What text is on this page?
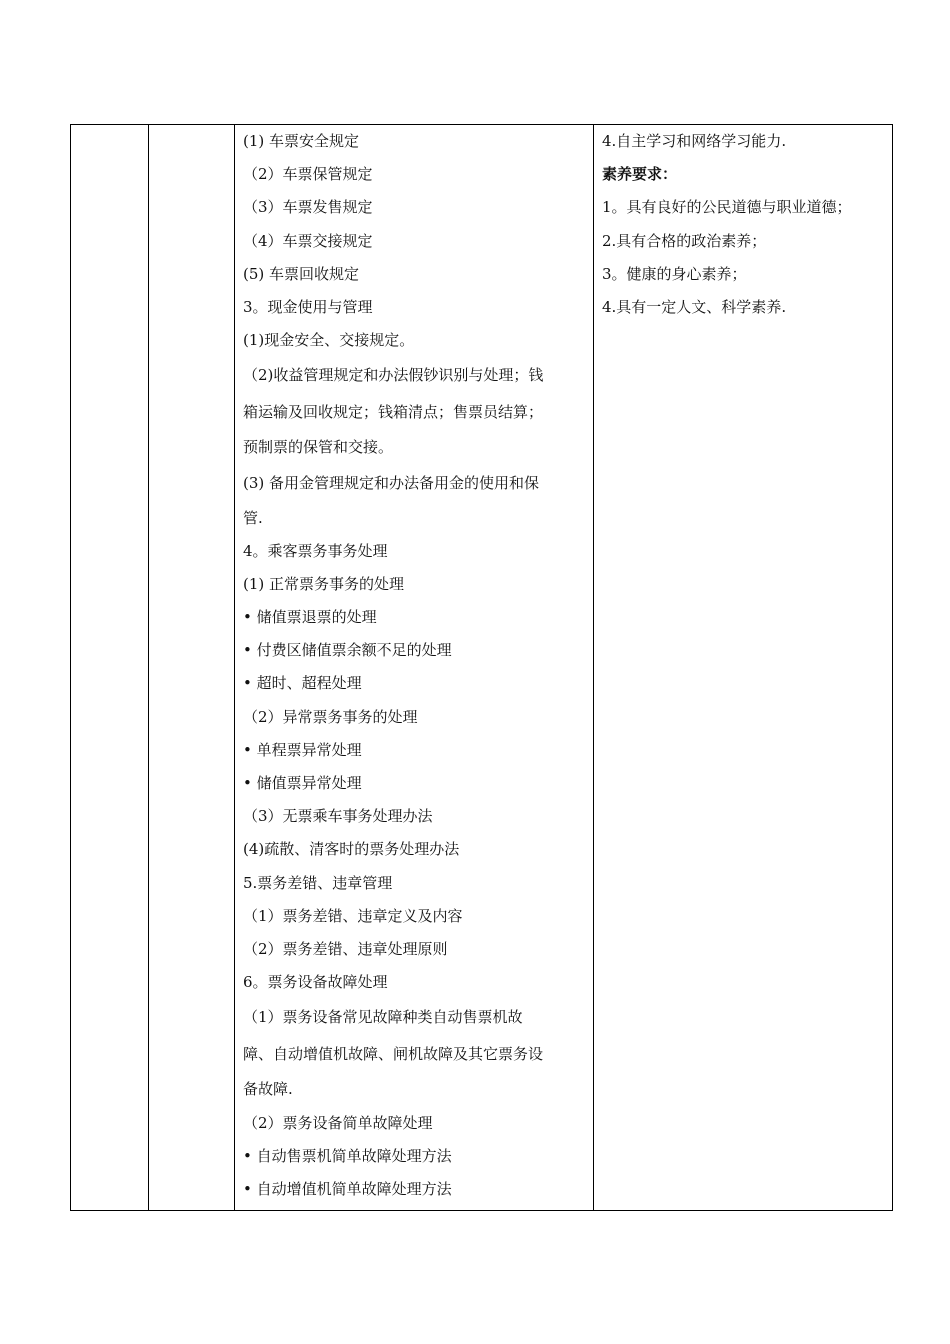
(1) 车票安全规定
（2）车票保管规定
（3）车票发售规定
（4）车票交接规定
(5) 车票回收规定
3。现金使用与管理
(1)现金安全、交接规定。
（2)收益管理规定和办法假钞识别与处理；钱
箱运输及回收规定；钱箱清点；售票员结算；
预制票的保管和交接。
(3) 备用金管理规定和办法备用金的使用和保
管.
4。乘客票务事务处理
(1) 正常票务事务的处理
• 储值票退票的处理
• 付费区储值票余额不足的处理
• 超时、超程处理
（2）异常票务事务的处理
• 单程票异常处理
• 储值票异常处理
（3）无票乘车事务处理办法
(4)疏散、清客时的票务处理办法
5.票务差错、违章管理
（1）票务差错、违章定义及内容
（2）票务差错、违章处理原则
6。票务设备故障处理
（1）票务设备常见故障种类自动售票机故
障、自动增值机故障、闸机故障及其它票务设
备故障.
（2）票务设备简单故障处理
• 自动售票机简单故障处理方法
• 自动增值机简单故障处理方法
4.自主学习和网络学习能力.
素养要求：
1。具有良好的公民道德与职业道德；
2.具有合格的政治素养；
3。健康的身心素养；
4.具有一定人文、科学素养.
